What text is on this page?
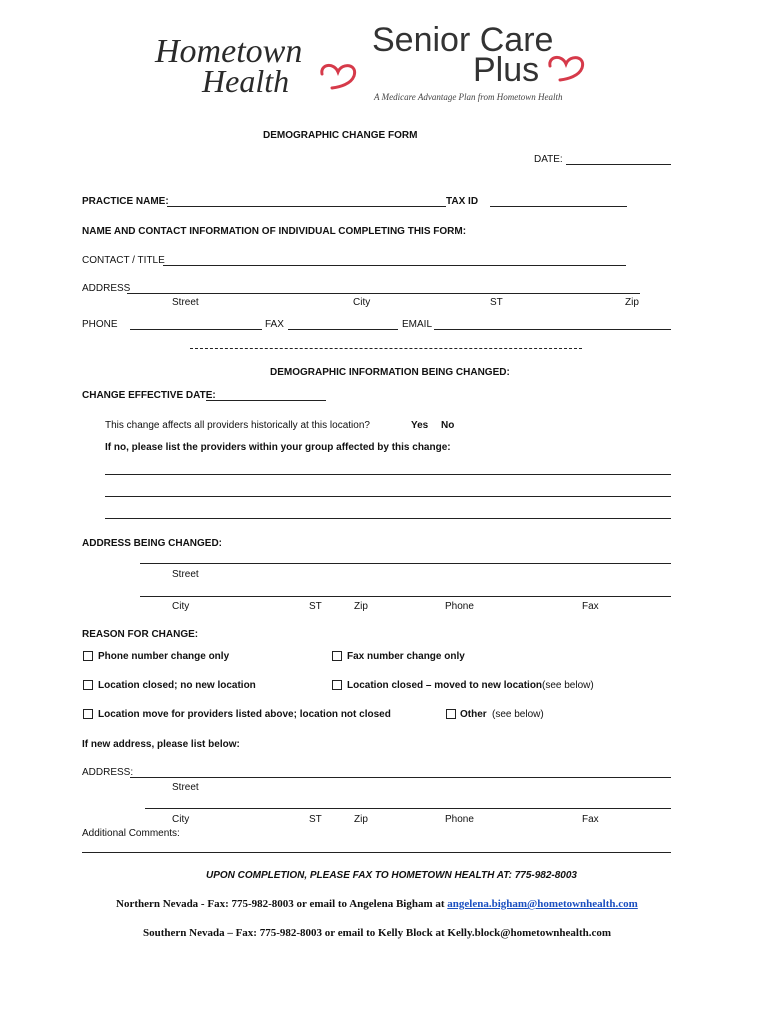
Hometown
Health
Senior Care
Plus
A Medicare Advantage Plan from Hometown Health
DEMOGRAPHIC CHANGE FORM
DATE:
PRACTICE NAME:	TAX ID
NAME AND CONTACT INFORMATION OF INDIVIDUAL COMPLETING THIS FORM:
CONTACT / TITLE
ADDRESS
Street	City	ST	Zip
PHONE	FAX	EMAIL
DEMOGRAPHIC INFORMATION BEING CHANGED:
CHANGE EFFECTIVE DATE:
This change affects all providers historically at this location?	Yes No
If no, please list the providers within your group affected by this change:
ADDRESS BEING CHANGED:
Street
City	ST	Zip	Phone	Fax
REASON FOR CHANGE:
Phone number change only	Fax number change only
Location closed; no new location	Location closed – moved to new location (see below)
Location move for providers listed above; location not closed	Other (see below)
If new address, please list below:
ADDRESS:
Street
City	ST	Zip	Phone	Fax
Additional Comments:
UPON COMPLETION, PLEASE FAX TO HOMETOWN HEALTH AT: 775-982-8003
Northern Nevada - Fax: 775-982-8003 or email to Angelena Bigham at angelena.bigham@hometownhealth.com
Southern Nevada – Fax: 775-982-8003 or email to Kelly Block at Kelly.block@hometownhealth.com
